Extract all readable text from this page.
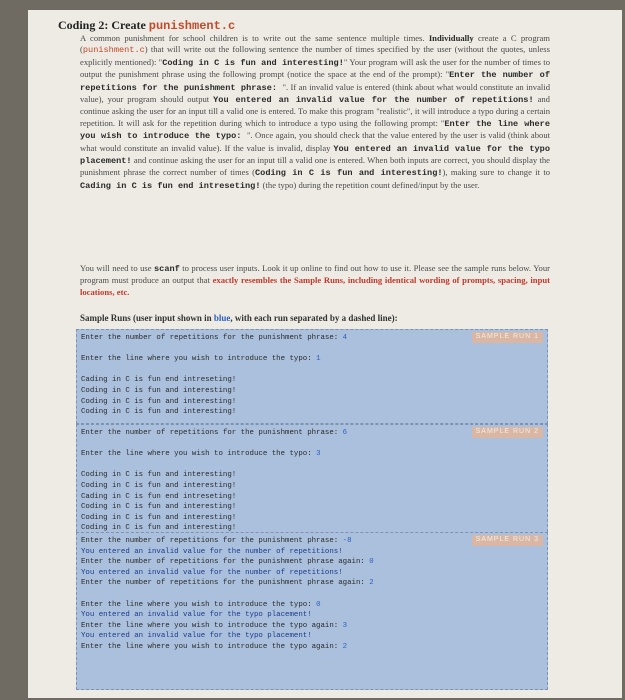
Coding 2: Create punishment.c
A common punishment for school children is to write out the same sentence multiple times. Individually create a C program (punishment.c) that will write out the following sentence the number of times specified by the user (without the quotes, unless explicitly mentioned): "Coding in C is fun and interesting!" Your program will ask the user for the number of times to output the punishment phrase using the following prompt (notice the space at the end of the prompt): "Enter the number of repetitions for the punishment phrase: ". If an invalid value is entered (think about what would constitute an invalid value), your program should output You entered an invalid value for the number of repetitions! and continue asking the user for an input till a valid one is entered. To make this program "realistic", it will introduce a typo during a certain repetition. It will ask for the repetition during which to introduce a typo using the following prompt: "Enter the line where you wish to introduce the typo: ". Once again, you should check that the value entered by the user is valid (think about what would constitute an invalid value). If the value is invalid, display You entered an invalid value for the typo placement! and continue asking the user for an input till a valid one is entered. When both inputs are correct, you should display the punishment phrase the correct number of times (Coding in C is fun and interesting!), making sure to change it to Cading in C is fun end intreseting! (the typo) during the repetition count defined/input by the user.
You will need to use scanf to process user inputs. Look it up online to find out how to use it. Please see the sample runs below. Your program must produce an output that exactly resembles the Sample Runs, including identical wording of prompts, spacing, input locations, etc.
Sample Runs (user input shown in blue, with each run separated by a dashed line):
SAMPLE RUN 1
Enter the number of repetitions for the punishment phrase: 4
Enter the line where you wish to introduce the typo: 1
Cading in C is fun end intreseting!
Coding in C is fun and interesting!
Coding in C is fun and interesting!
Coding in C is fun and interesting!
SAMPLE RUN 2
Enter the number of repetitions for the punishment phrase: 6
Enter the line where you wish to introduce the typo: 3
Coding in C is fun and interesting!
Coding in C is fun and interesting!
Cading in C is fun end intreseting!
Coding in C is fun and interesting!
Coding in C is fun and interesting!
Coding in C is fun and interesting!
SAMPLE RUN 3
Enter the number of repetitions for the punishment phrase: -8
You entered an invalid value for the number of repetitions!
Enter the number of repetitions for the punishment phrase again: 0
You entered an invalid value for the number of repetitions!
Enter the number of repetitions for the punishment phrase again: 2
Enter the line where you wish to introduce the typo: 0
You entered an invalid value for the typo placement!
Enter the line where you wish to introduce the typo again: 3
You entered an invalid value for the typo placement!
Enter the line where you wish to introduce the typo again: 2
